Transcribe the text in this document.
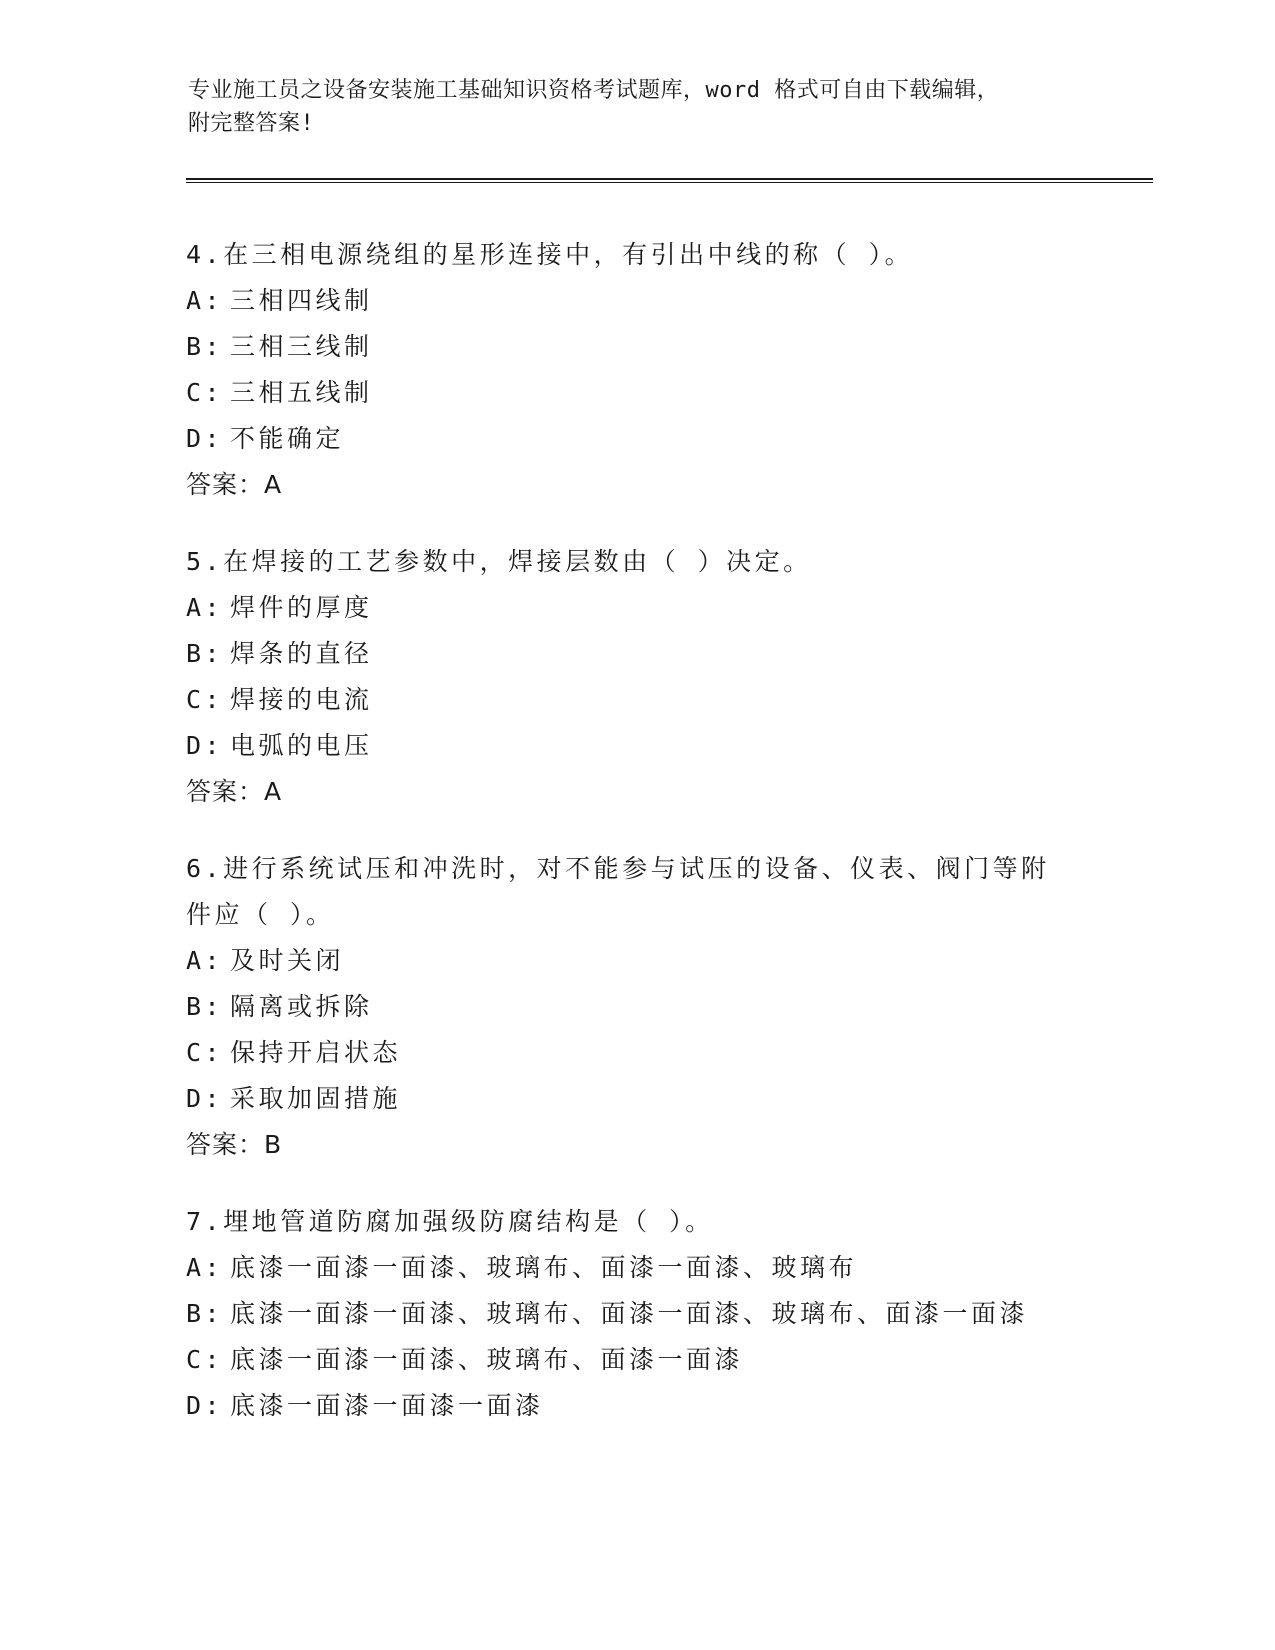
专业施工员之设备安装施工基础知识资格考试题库，word 格式可自由下载编辑，
附完整答案!
4.在三相电源绕组的星形连接中，有引出中线的称（ ）。
A: 三相四线制
B: 三相三线制
C: 三相五线制
D: 不能确定
答案：A
5.在焊接的工艺参数中，焊接层数由（ ）决定。
A: 焊件的厚度
B: 焊条的直径
C: 焊接的电流
D: 电弧的电压
答案：A
6.进行系统试压和冲洗时，对不能参与试压的设备、仪表、阀门等附件应（ ）。
A: 及时关闭
B: 隔离或拆除
C: 保持开启状态
D: 采取加固措施
答案：B
7.埋地管道防腐加强级防腐结构是（ ）。
A: 底漆一面漆一面漆、玻璃布、面漆一面漆、玻璃布
B: 底漆一面漆一面漆、玻璃布、面漆一面漆、玻璃布、面漆一面漆
C: 底漆一面漆一面漆、玻璃布、面漆一面漆
D: 底漆一面漆一面漆一面漆
